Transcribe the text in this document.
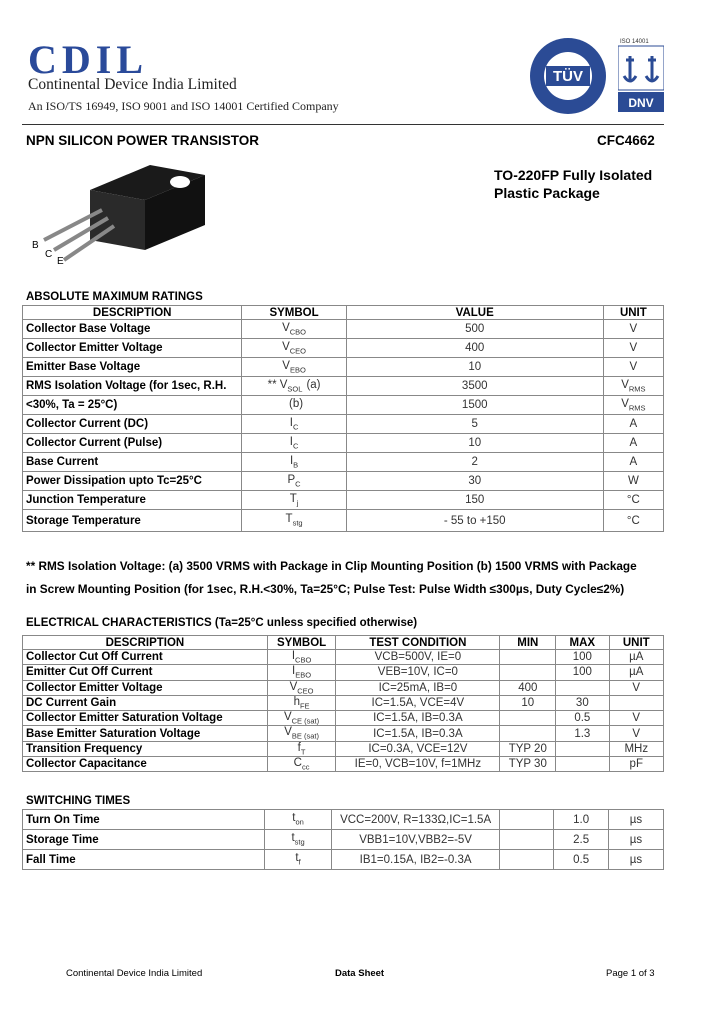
CDIL
Continental Device India Limited
An ISO/TS 16949, ISO 9001 and ISO 14001 Certified Company
TÜV
ISO 14001
DNV
NPN SILICON POWER TRANSISTOR	CFC4662
TO-220FP Fully Isolated
Plastic Package
B
C
E
ABSOLUTE MAXIMUM RATINGS
DESCRIPTION	SYMBOL	VALUE	UNIT
Collector Base Voltage	$V_{CBO}$	500	V
Collector Emitter Voltage	$V_{CEO}$	400	V
Emitter Base Voltage	$V_{EBO}$	10	V
RMS Isolation Voltage (for 1sec, R.H.	** $V_{SOL}$ (a)	3500	$V_{RMS}$
<30%, Ta = 25°C)	(b)	1500	$V_{RMS}$
Collector Current (DC)	$I_C$	5	A
Collector Current (Pulse)	$I_C$	10	A
Base Current	$I_B$	2	A
Power Dissipation upto Tc=25°C	$P_C$	30	W
Junction Temperature	$T_j$	150	°C
Storage Temperature	$T_{stg}$	- 55 to +150	°C
** RMS Isolation Voltage: (a) 3500 VRMS with Package in Clip Mounting Position (b) 1500 VRMS with Package
in Screw Mounting Position (for 1sec, R.H.<30%, Ta=25°C; Pulse Test: Pulse Width ≤300µs, Duty Cycle≤2%)
ELECTRICAL CHARACTERISTICS (Ta=25°C unless specified otherwise)
DESCRIPTION	SYMBOL	TEST CONDITION	MIN	MAX	UNIT
Collector Cut Off Current	$I_{CBO}$	VCB=500V, IE=0		100	µA
Emitter Cut Off Current	$I_{EBO}$	VEB=10V, IC=0		100	µA
Collector Emitter Voltage	$V_{CEO}$	IC=25mA, IB=0	400		V
DC Current Gain	$h_{FE}$	IC=1.5A, VCE=4V	10	30	
Collector Emitter Saturation Voltage	$V_{CE (sat)}$	IC=1.5A, IB=0.3A		0.5	V
Base Emitter Saturation Voltage	$V_{BE (sat)}$	IC=1.5A, IB=0.3A		1.3	V
Transition Frequency	$f_T$	IC=0.3A, VCE=12V	TYP 20		MHz
Collector Capacitance	$C_{cc}$	IE=0, VCB=10V, f=1MHz	TYP 30		pF
SWITCHING TIMES
Turn On Time	$t_{on}$	VCC=200V, R=133Ω,IC=1.5A		1.0	µs
Storage Time	$t_{stg}$	VBB1=10V,VBB2=-5V		2.5	µs
Fall Time	$t_f$	IB1=0.15A, IB2=-0.3A		0.5	µs
Continental Device India Limited	Data Sheet	Page 1 of 3
